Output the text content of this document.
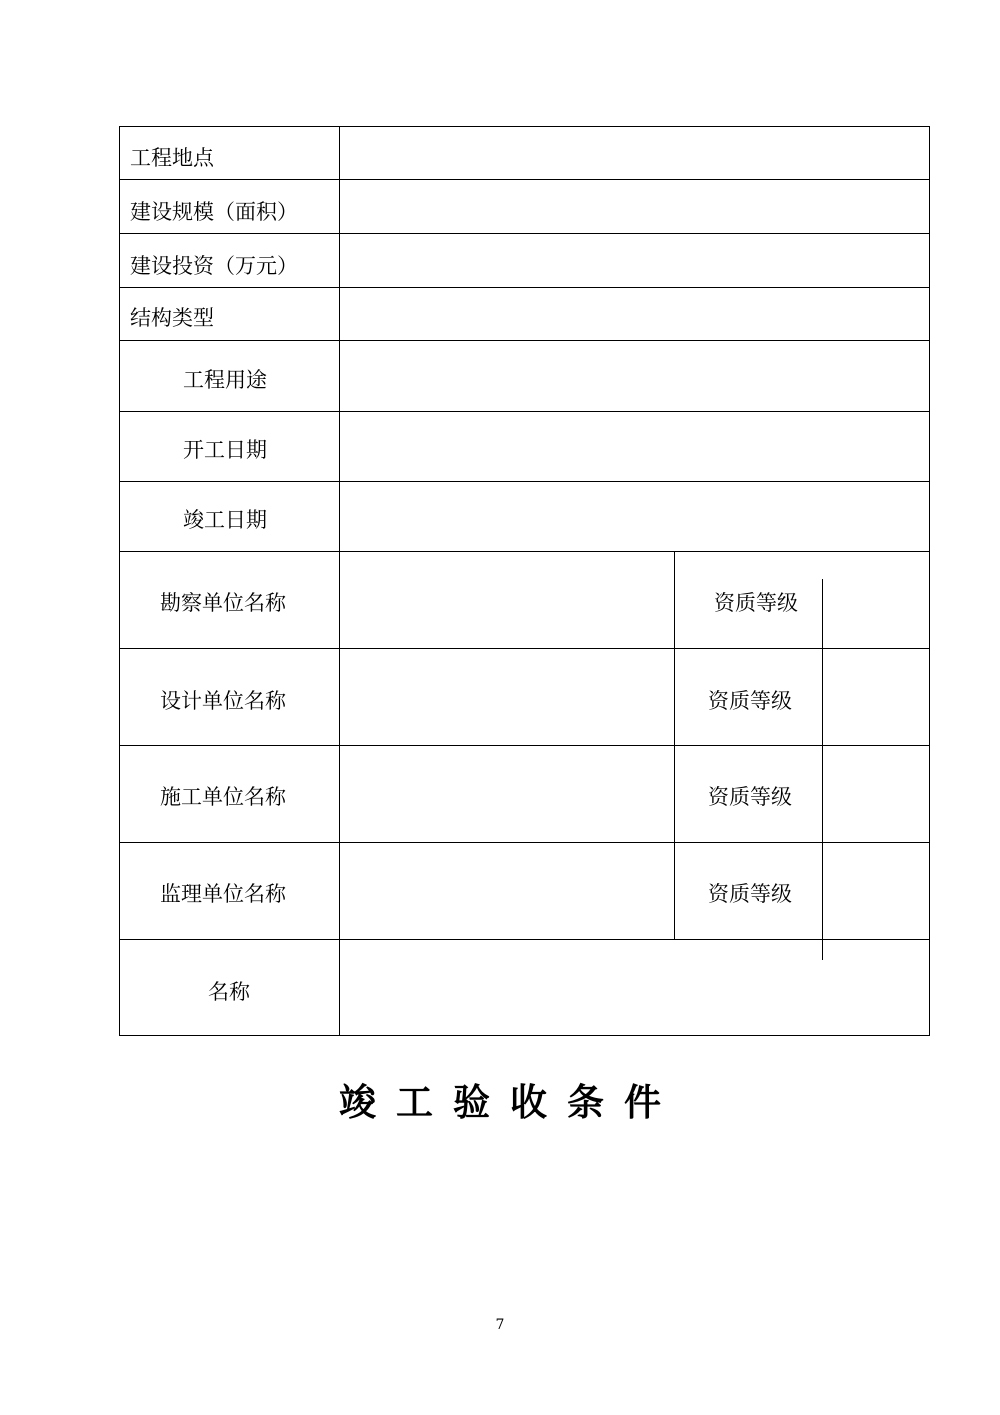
工程地点
建设规模（面积）
建设投资（万元）
结构类型
工程用途
开工日期
竣工日期
勘察单位名称
设计单位名称
施工单位名称
监理单位名称
名称
资质等级
资质等级
资质等级
资质等级
竣工验收条件
7
